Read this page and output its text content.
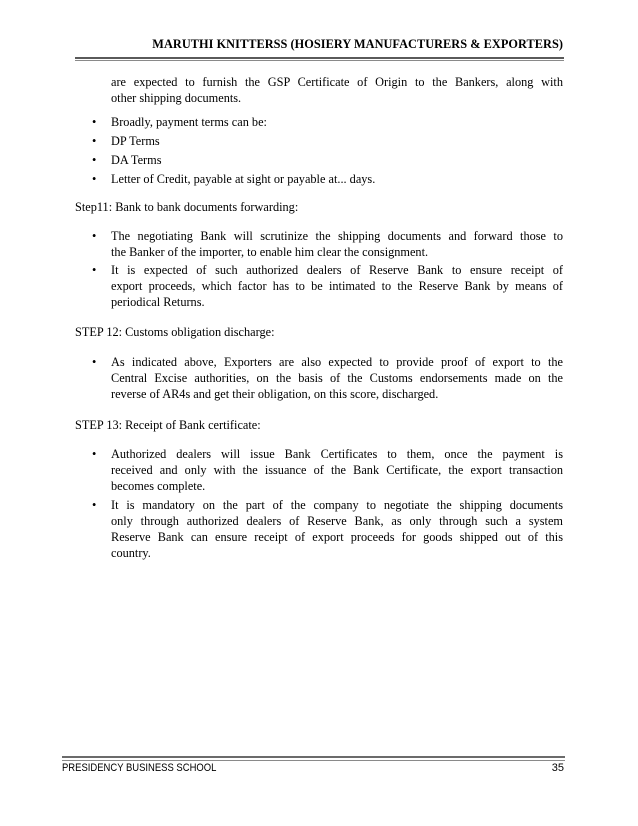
MARUTHI KNITTERSS (HOSIERY MANUFACTURERS & EXPORTERS)
are expected to furnish the GSP Certificate of Origin to the Bankers, along with
other shipping documents.
• Broadly, payment terms can be:
• DP Terms
• DA Terms
• Letter of Credit, payable at sight or payable at... days.
Step11: Bank to bank documents forwarding:
• The negotiating Bank will scrutinize the shipping documents and forward those to
the Banker of the importer, to enable him clear the consignment.
• It is expected of such authorized dealers of Reserve Bank to ensure receipt of
export proceeds, which factor has to be intimated to the Reserve Bank by means of
periodical Returns.
STEP 12: Customs obligation discharge:
• As indicated above, Exporters are also expected to provide proof of export to the
Central Excise authorities, on the basis of the Customs endorsements made on the
reverse of AR4s and get their obligation, on this score, discharged.
STEP 13: Receipt of Bank certificate:
• Authorized dealers will issue Bank Certificates to them, once the payment is
received and only with the issuance of the Bank Certificate, the export transaction
becomes complete.
• It is mandatory on the part of the company to negotiate the shipping documents
only through authorized dealers of Reserve Bank, as only through such a system
Reserve Bank can ensure receipt of export proceeds for goods shipped out of this
country.
PRESIDENCY BUSINESS SCHOOL	35
